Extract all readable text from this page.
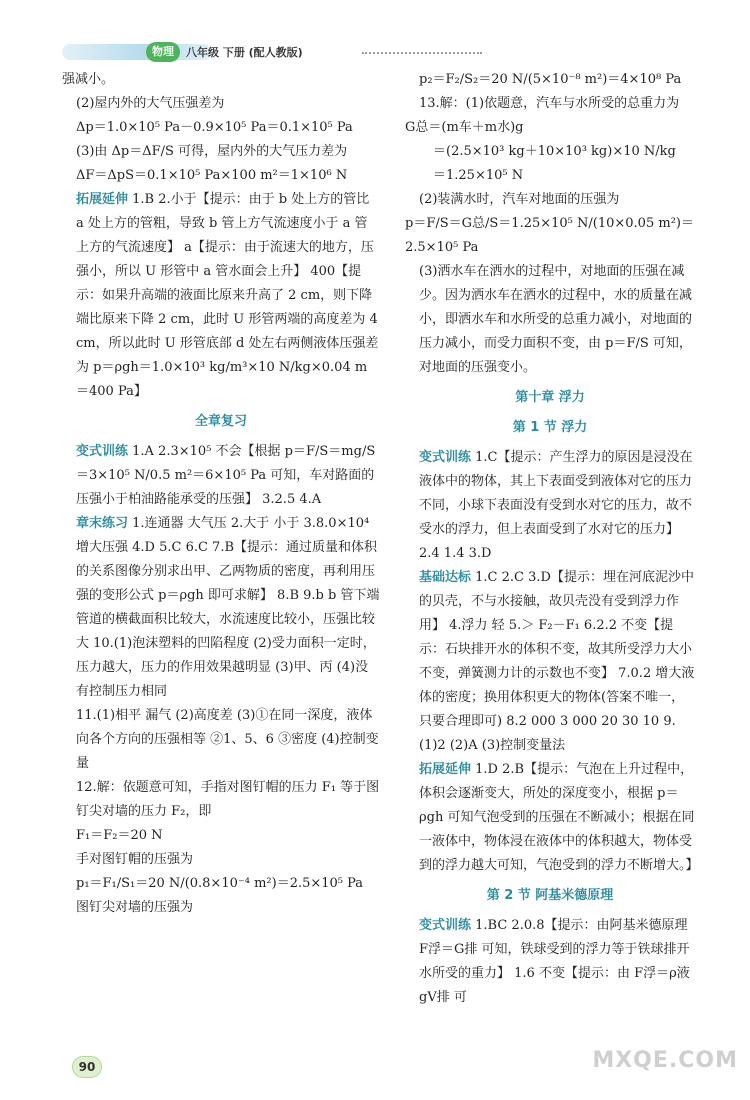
物理	八年级 下册 (配人教版)

强减小。

(2)屋内外的大气压强差为

Δp＝1.0×10⁵ Pa－0.9×10⁵ Pa＝0.1×10⁵ Pa

(3)由 Δp＝ΔF/S 可得，屋内外的大气压力差为

ΔF＝ΔpS＝0.1×10⁵ Pa×100 m²＝1×10⁶ N

拓展延伸 1.B 2.小于【提示：由于 b 处上方的管比 a 处上方的管粗，导致 b 管上方气流速度小于 a 管上方的气流速度】 a【提示：由于流速大的地方，压强小，所以 U 形管中 a 管水面会上升】 400【提示：如果升高端的液面比原来升高了 2 cm，则下降端比原来下降 2 cm，此时 U 形管两端的高度差为 4 cm，所以此时 U 形管底部 d 处左右两侧液体压强差为 p＝ρgh＝1.0×10³ kg/m³×10 N/kg×0.04 m＝400 Pa】

全章复习

变式训练 1.A 2.3×10⁵ 不会【根据 p＝F/S＝mg/S＝3×10⁵ N/0.5 m²＝6×10⁵ Pa 可知，车对路面的压强小于柏油路能承受的压强】 3.2.5 4.A

章末练习 1.连通器 大气压 2.大于 小于 3.8.0×10⁴ 增大压强 4.D 5.C 6.C 7.B【提示：通过质量和体积的关系图像分别求出甲、乙两物质的密度，再利用压强的变形公式 p＝ρgh 即可求解】 8.B 9.b b 管下端管道的横截面积比较大，水流速度比较小，压强比较大 10.(1)泡沫塑料的凹陷程度 (2)受力面积一定时，压力越大，压力的作用效果越明显 (3)甲、丙 (4)没有控制压力相同

11.(1)相平 漏气 (2)高度差 (3)①在同一深度，液体向各个方向的压强相等 ②1、5、6 ③密度 (4)控制变量

12.解：依题意可知，手指对图钉帽的压力 F₁ 等于图钉尖对墙的压力 F₂，即

F₁＝F₂＝20 N

手对图钉帽的压强为

p₁＝F₁/S₁＝20 N/(0.8×10⁻⁴ m²)＝2.5×10⁵ Pa

图钉尖对墙的压强为

p₂＝F₂/S₂＝20 N/(5×10⁻⁸ m²)＝4×10⁸ Pa

13.解：(1)依题意，汽车与水所受的总重力为

G总＝(m车＋m水)g

＝(2.5×10³ kg＋10×10³ kg)×10 N/kg

＝1.25×10⁵ N

(2)装满水时，汽车对地面的压强为

p＝F/S＝G总/S＝1.25×10⁵ N/(10×0.05 m²)＝2.5×10⁵ Pa

(3)洒水车在洒水的过程中，对地面的压强在减少。因为洒水车在洒水的过程中，水的质量在减小，即洒水车和水所受的总重力减小，对地面的压力减小，而受力面积不变，由 p＝F/S 可知，对地面的压强变小。

第十章 浮力
第 1 节 浮力

变式训练 1.C【提示：产生浮力的原因是浸没在液体中的物体，其上下表面受到液体对它的压力不同，小球下表面没有受到水对它的压力，故不受水的浮力，但上表面受到了水对它的压力】 2.4 1.4 3.D

基础达标 1.C 2.C 3.D【提示：埋在河底泥沙中的贝壳，不与水接触，故贝壳没有受到浮力作用】 4.浮力 轻 5.＞ F₂－F₁ 6.2.2 不变【提示：石块排开水的体积不变，故其所受浮力大小不变，弹簧测力计的示数也不变】 7.0.2 增大液体的密度；换用体积更大的物体(答案不唯一，只要合理即可) 8.2 000 3 000 20 30 10 9.(1)2 (2)A (3)控制变量法

拓展延伸 1.D 2.B【提示：气泡在上升过程中，体积会逐渐变大，所处的深度变小，根据 p＝ρgh 可知气泡受到的压强在不断减小；根据在同一液体中，物体浸在液体中的体积越大，物体受到的浮力越大可知，气泡受到的浮力不断增大。】

第 2 节 阿基米德原理

变式训练 1.BC 2.0.8【提示：由阿基米德原理 F浮＝G排 可知，铁球受到的浮力等于铁球排开水所受的重力】 1.6 不变【提示：由 F浮＝ρ液gV排 可

90	MXQE.COM
